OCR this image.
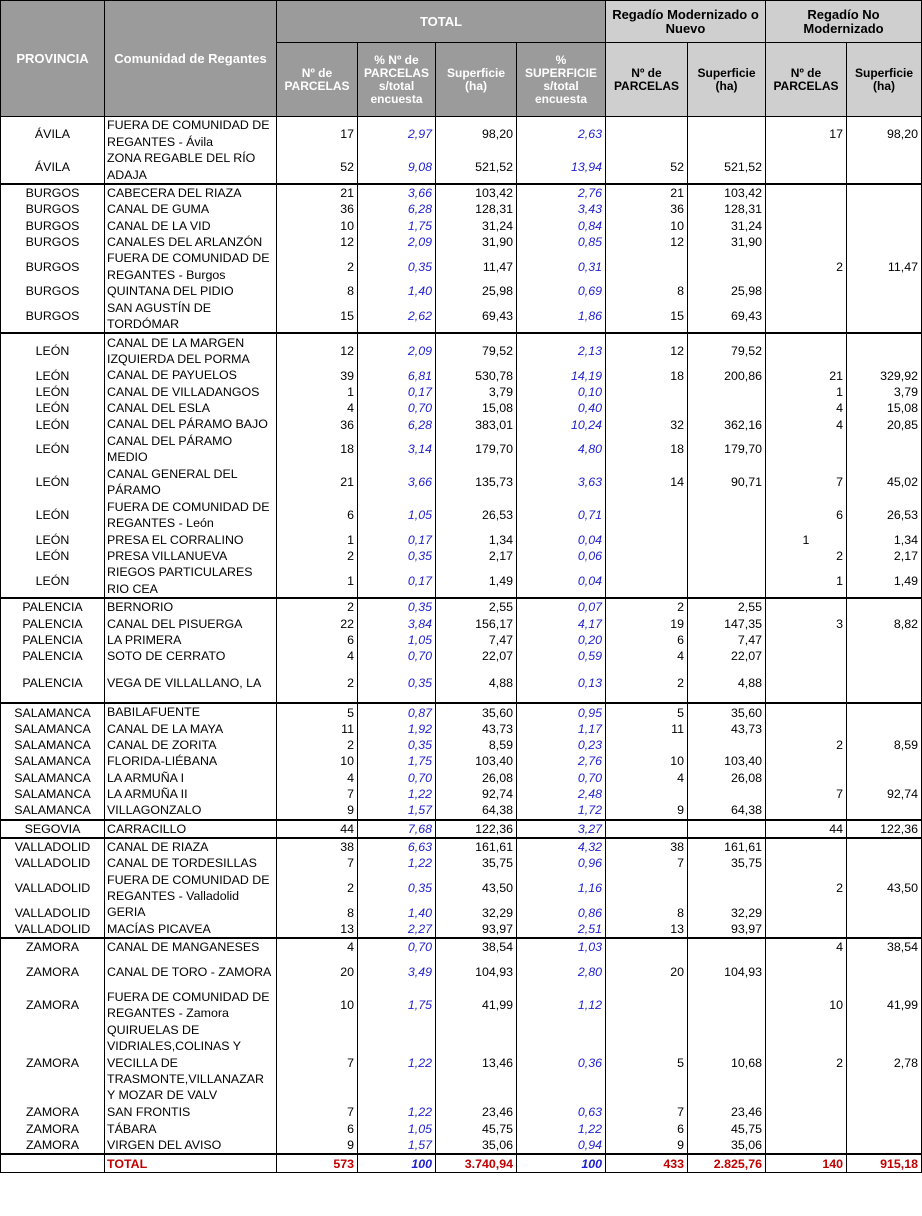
PROVINCIA	Comunidad de Regantes	TOTAL				Regadío Modernizado o Nuevo		Regadío No Modernizado	
		Nº de PARCELAS	% Nº de PARCELAS s/total encuesta	Superficie (ha)	% SUPERFICIE s/total encuesta	Nº de PARCELAS	Superficie (ha)	Nº de PARCELAS	Superficie (ha)
ÁVILA	FUERA DE COMUNIDAD DE REGANTES - Ávila	17	2,97	98,20	2,63			17	98,20
ÁVILA	ZONA REGABLE DEL RÍO ADAJA	52	9,08	521,52	13,94	52	521,52		
BURGOS	CABECERA DEL RIAZA	21	3,66	103,42	2,76	21	103,42		
BURGOS	CANAL DE GUMA	36	6,28	128,31	3,43	36	128,31		
BURGOS	CANAL DE LA VID	10	1,75	31,24	0,84	10	31,24		
BURGOS	CANALES DEL ARLANZÓN	12	2,09	31,90	0,85	12	31,90		
BURGOS	FUERA DE COMUNIDAD DE REGANTES - Burgos	2	0,35	11,47	0,31			2	11,47
BURGOS	QUINTANA DEL PIDIO	8	1,40	25,98	0,69	8	25,98		
BURGOS	SAN AGUSTÍN DE TORDÓMAR	15	2,62	69,43	1,86	15	69,43		
LEÓN	CANAL DE LA MARGEN IZQUIERDA DEL PORMA	12	2,09	79,52	2,13	12	79,52		
LEÓN	CANAL DE PAYUELOS	39	6,81	530,78	14,19	18	200,86	21	329,92
LEÓN	CANAL DE VILLADANGOS	1	0,17	3,79	0,10			1	3,79
LEÓN	CANAL DEL ESLA	4	0,70	15,08	0,40			4	15,08
LEÓN	CANAL DEL PÁRAMO BAJO	36	6,28	383,01	10,24	32	362,16	4	20,85
LEÓN	CANAL DEL PÁRAMO MEDIO	18	3,14	179,70	4,80	18	179,70		
LEÓN	CANAL GENERAL DEL PÁRAMO	21	3,66	135,73	3,63	14	90,71	7	45,02
LEÓN	FUERA DE COMUNIDAD DE REGANTES - León	6	1,05	26,53	0,71			6	26,53
LEÓN	PRESA EL CORRALINO	1	0,17	1,34	0,04			1	1,34
LEÓN	PRESA VILLANUEVA	2	0,35	2,17	0,06			2	2,17
LEÓN	RIEGOS PARTICULARES RIO CEA	1	0,17	1,49	0,04			1	1,49
PALENCIA	BERNORIO	2	0,35	2,55	0,07	2	2,55		
PALENCIA	CANAL DEL PISUERGA	22	3,84	156,17	4,17	19	147,35	3	8,82
PALENCIA	LA PRIMERA	6	1,05	7,47	0,20	6	7,47		
PALENCIA	SOTO DE CERRATO	4	0,70	22,07	0,59	4	22,07		
PALENCIA	VEGA DE VILLALLANO, LA	2	0,35	4,88	0,13	2	4,88		
SALAMANCA	BABILAFUENTE	5	0,87	35,60	0,95	5	35,60		
SALAMANCA	CANAL DE LA MAYA	11	1,92	43,73	1,17	11	43,73		
SALAMANCA	CANAL DE ZORITA	2	0,35	8,59	0,23			2	8,59
SALAMANCA	FLORIDA-LIÉBANA	10	1,75	103,40	2,76	10	103,40		
SALAMANCA	LA ARMUÑA I	4	0,70	26,08	0,70	4	26,08		
SALAMANCA	LA ARMUÑA II	7	1,22	92,74	2,48			7	92,74
SALAMANCA	VILLAGONZALO	9	1,57	64,38	1,72	9	64,38		
SEGOVIA	CARRACILLO	44	7,68	122,36	3,27			44	122,36
VALLADOLID	CANAL DE RIAZA	38	6,63	161,61	4,32	38	161,61		
VALLADOLID	CANAL DE TORDESILLAS	7	1,22	35,75	0,96	7	35,75		
VALLADOLID	FUERA DE COMUNIDAD DE REGANTES - Valladolid	2	0,35	43,50	1,16			2	43,50
VALLADOLID	GERIA	8	1,40	32,29	0,86	8	32,29		
VALLADOLID	MACÍAS PICAVEA	13	2,27	93,97	2,51	13	93,97		
ZAMORA	CANAL DE MANGANESES	4	0,70	38,54	1,03			4	38,54
ZAMORA	CANAL DE TORO - ZAMORA	20	3,49	104,93	2,80	20	104,93		
ZAMORA	FUERA DE COMUNIDAD DE REGANTES - Zamora	10	1,75	41,99	1,12			10	41,99
ZAMORA	QUIRUELAS DE VIDRIALES,COLINAS Y VECILLA DE TRASMONTE,VILLANAZAR Y MOZAR DE VALV	7	1,22	13,46	0,36	5	10,68	2	2,78
ZAMORA	SAN FRONTIS	7	1,22	23,46	0,63	7	23,46		
ZAMORA	TÁBARA	6	1,05	45,75	1,22	6	45,75		
ZAMORA	VIRGEN DEL AVISO	9	1,57	35,06	0,94	9	35,06		
	TOTAL	573	100	3.740,94	100	433	2.825,76	140	915,18
